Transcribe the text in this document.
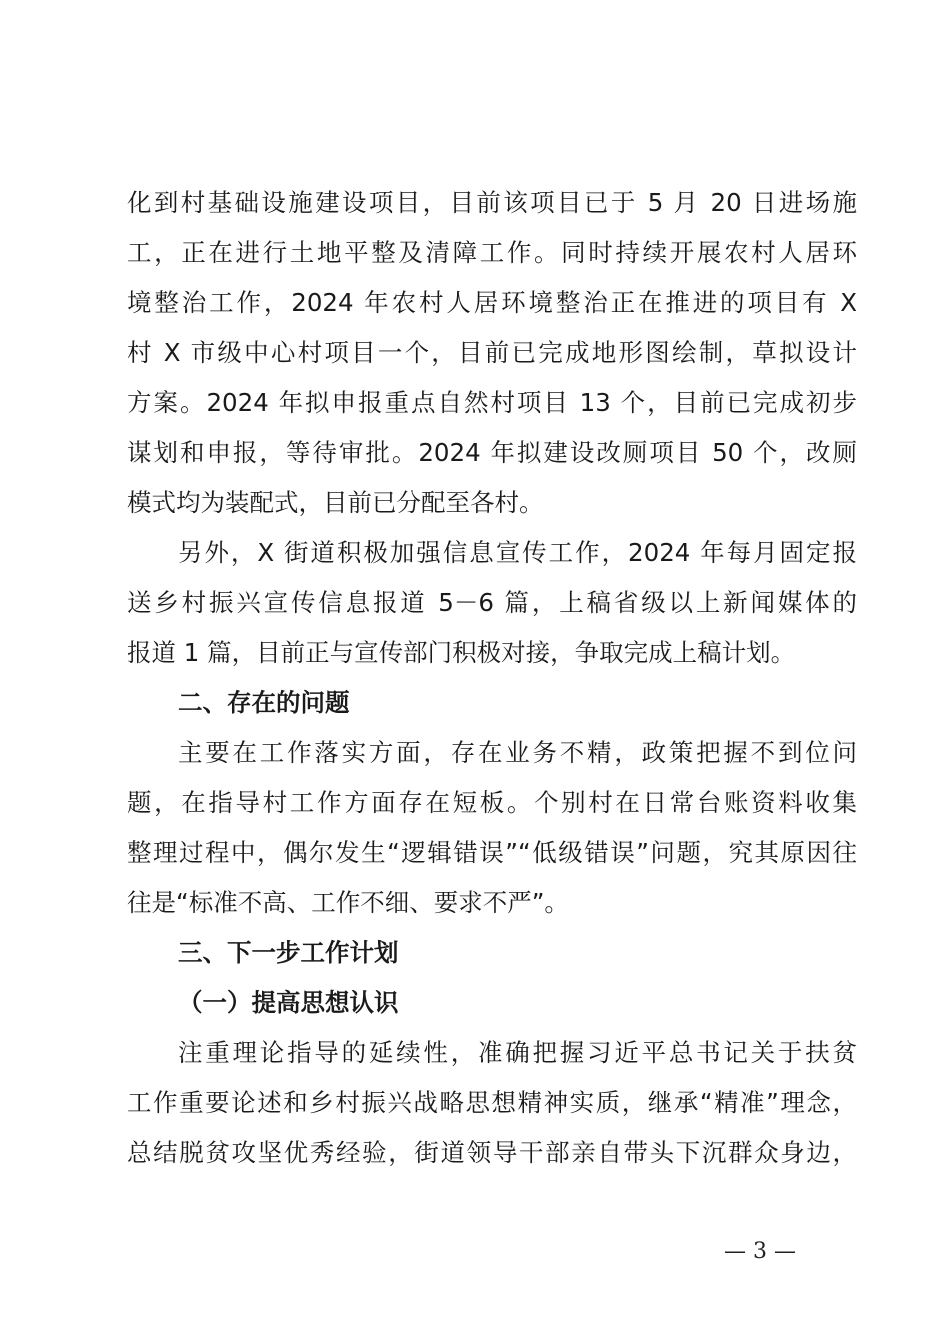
化到村基础设施建设项目，目前该项目已于 5 月 20 日进场施
工，正在进行土地平整及清障工作。同时持续开展农村人居环
境整治工作，2024 年农村人居环境整治正在推进的项目有 X
村 X 市级中心村项目一个，目前已完成地形图绘制，草拟设计
方案。2024 年拟申报重点自然村项目 13 个，目前已完成初步
谋划和申报，等待审批。2024 年拟建设改厕项目 50 个，改厕
模式均为装配式，目前已分配至各村。
另外，X 街道积极加强信息宣传工作，2024 年每月固定报
送乡村振兴宣传信息报道 5－6 篇，上稿省级以上新闻媒体的
报道 1 篇，目前正与宣传部门积极对接，争取完成上稿计划。
二、存在的问题
主要在工作落实方面，存在业务不精，政策把握不到位问
题，在指导村工作方面存在短板。个别村在日常台账资料收集
整理过程中，偶尔发生“逻辑错误”“低级错误”问题，究其原因往
往是“标准不高、工作不细、要求不严”。
三、下一步工作计划
（一）提高思想认识
注重理论指导的延续性，准确把握习近平总书记关于扶贫
工作重要论述和乡村振兴战略思想精神实质，继承“精准”理念，
总结脱贫攻坚优秀经验，街道领导干部亲自带头下沉群众身边，
— 3 —
